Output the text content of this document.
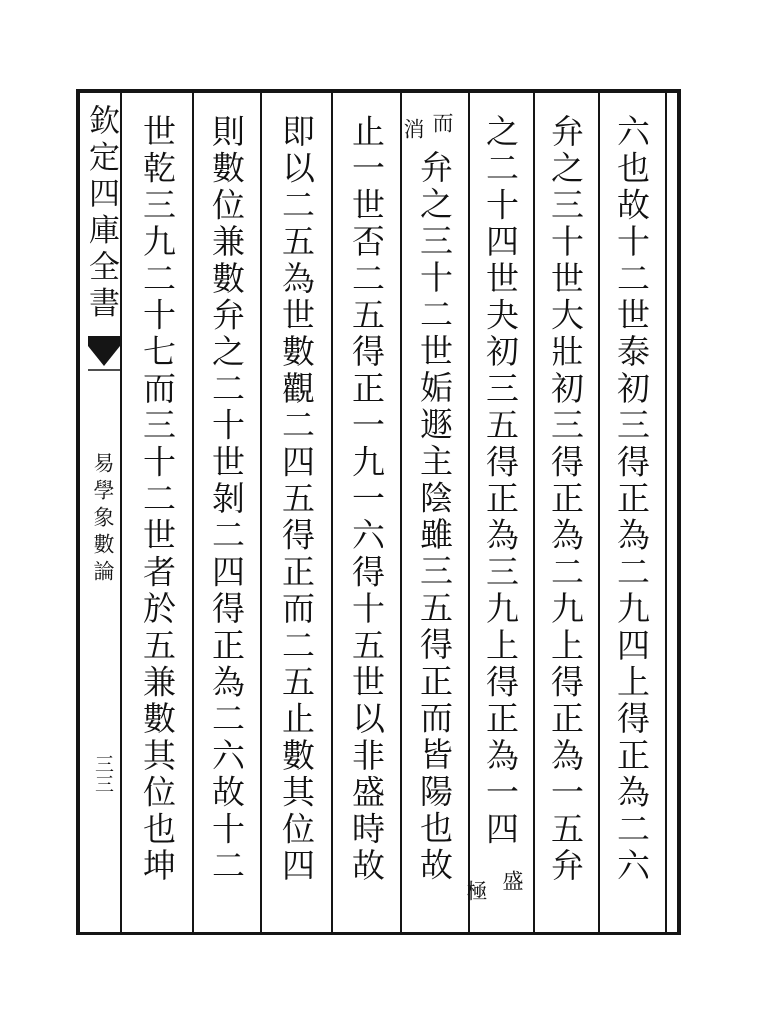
欽定四庫全書
易學象數論
三三	六也故十二世泰初三得正為二九四上得正為二六
弁之三十世大壯初三得正為二九上得正為一五弁
之二十四世夬初三五得正為三九上得正為一四
盛
極
而
消
弁之三十二世姤遯主陰雖三五得正而皆陽也故
止一世否二五得正一九一六得十五世以非盛時故
即以二五為世數觀二四五得正而二五止數其位四
則數位兼數弁之二十世剝二四得正為二六故十二
世乾三九二十七而三十二世者於五兼數其位也坤
